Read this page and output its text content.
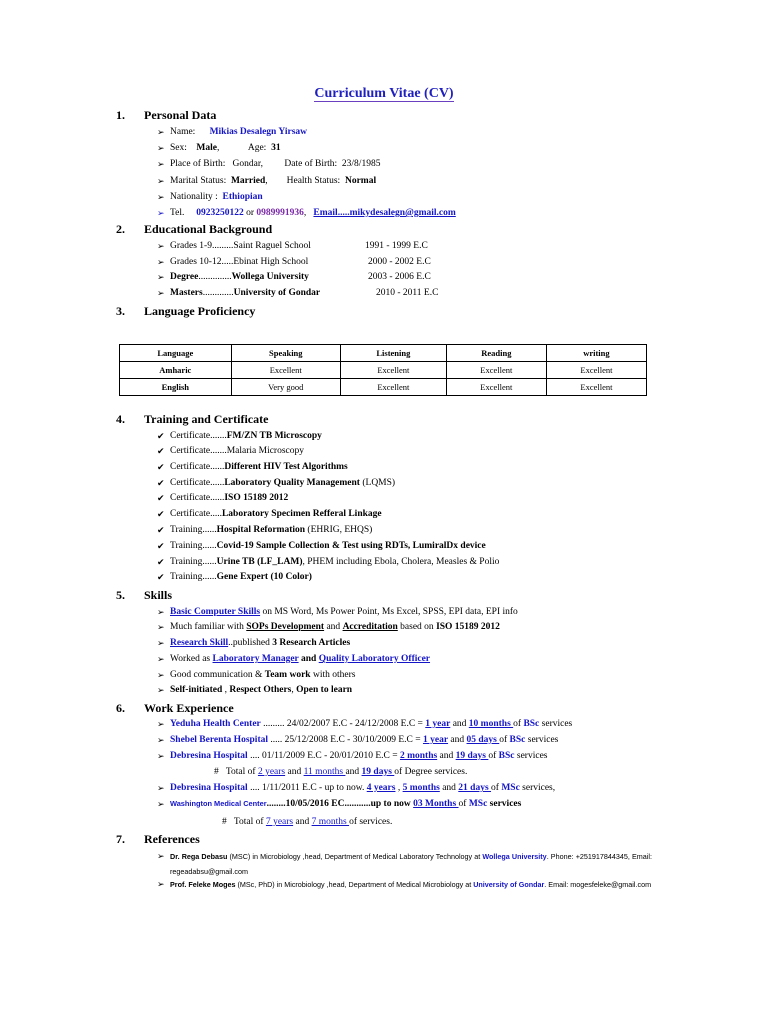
Curriculum Vitae (CV)
1. Personal Data
➢ Name: Mikias Desalegn Yirsaw
➢ Sex: Male,            Age: 31
➢ Place of Birth: Gondar, Date of Birth: 23/8/1985
➢ Marital Status: Married,        Health Status: Normal
➢ Nationality : Ethiopian
➢ Tel. 0923250122 or 0989991936,   Email.....mikydesalegn@gmail.com
2. Educational Background
➢ Grades 1-9.........Saint Raguel School	1991 - 1999 E.C
➢ Grades 10-12.....Ebinat High School	2000 - 2002 E.C
➢ Degree..............Wollega University	2003 - 2006 E.C
➢ Masters.............University of Gondar	2010 - 2011 E.C
3. Language Proficiency
Language	Speaking	Listening	Reading	writing
Amharic	Excellent	Excellent	Excellent	Excellent
English	Very good	Excellent	Excellent	Excellent
4. Training and Certificate
✔ Certificate.......FM/ZN TB Microscopy
✔ Certificate.......Malaria Microscopy
✔ Certificate......Different HIV Test Algorithms
✔ Certificate......Laboratory Quality Management (LQMS)
✔ Certificate......ISO 15189 2012
✔ Certificate.....Laboratory Specimen Refferal Linkage
✔ Training......Hospital Reformation (EHRIG, EHQS)
✔ Training......Covid-19 Sample Collection & Test using RDTs, LumiralDx device
✔ Training......Urine TB (LF_LAM), PHEM including Ebola, Cholera, Measles & Polio
✔ Training......Gene Expert (10 Color)
5. Skills
➢ Basic Computer Skills on MS Word, Ms Power Point, Ms Excel, SPSS, EPI data, EPI info
➢ Much familiar with SOPs Development and Accreditation based on ISO 15189 2012
➢ Research Skill..published 3 Research Articles
➢ Worked as Laboratory Manager and Quality Laboratory Officer
➢ Good communication & Team work with others
➢ Self-initiated , Respect Others, Open to learn
6. Work Experience
➢ Yeduha Health Center ......... 24/02/2007 E.C - 24/12/2008 E.C = 1 year and 10 months of BSc services
➢ Shebel Berenta Hospital ..... 25/12/2008 E.C - 30/10/2009 E.C = 1 year and 05 days of BSc services
➢ Debresina Hospital .... 01/11/2009 E.C - 20/01/2010 E.C = 2 months and 19 days of BSc services
# Total of 2 years and 11 months and 19 days of Degree services.
➢ Debresina Hospital .... 1/11/2011 E.C - up to now. 4 years , 5 months and 21 days of MSc services,
➢ Washington Medical Center........10/05/2016 EC...........up to now 03 Months of MSc services
# Total of 7 years and 7 months of services.
7. References
➢ Dr. Rega Debasu (MSC) in Microbiology ,head, Department of Medical Laboratory Technology at Wollega University. Phone: +251917844345, Email: regeadabsu@gmail.com
➢ Prof. Feleke Moges (MSc, PhD) in Microbiology ,head, Department of Medical Microbiology at University of Gondar. Email: mogesfeleke@gmail.com
